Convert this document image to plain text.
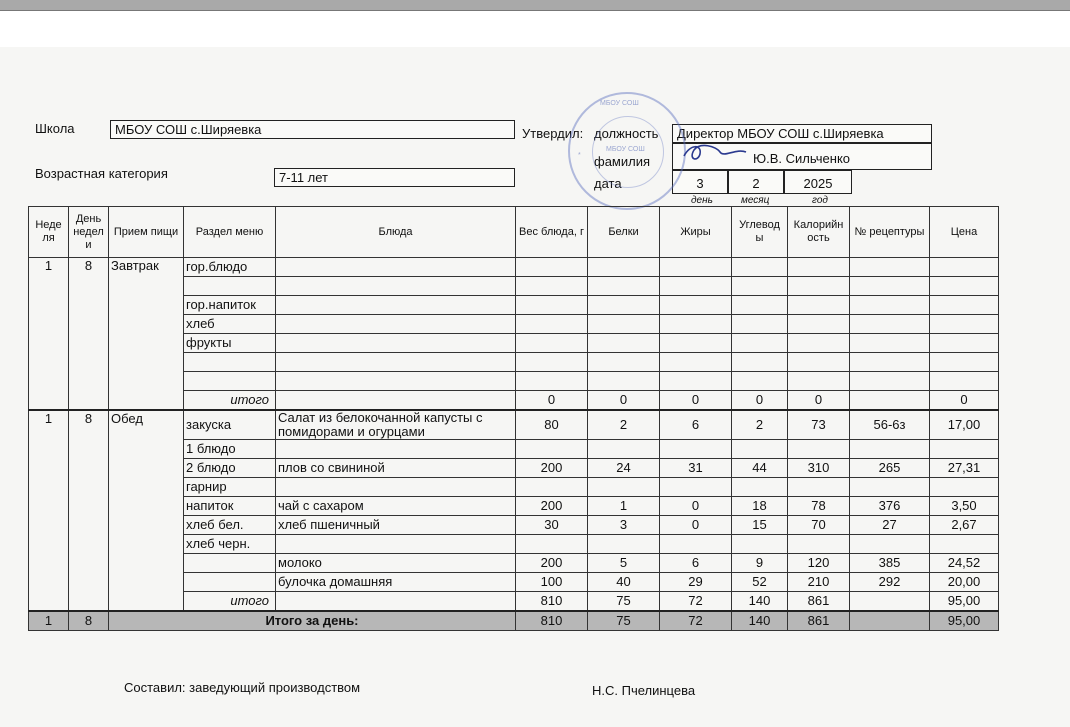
Школа	МБОУ СОШ с.Ширяевка
Возрастная категория	7-11 лет
Утвердил: должность	Директор МБОУ СОШ с.Ширяевка
фамилия	Ю.В. Сильченко
дата	3	2	2025
день	месяц	год
МБОУ СОШ
МБОУ СОШ
*
Неде ля	День недел и	Прием пищи	Раздел меню	Блюда	Вес блюда, г	Белки	Жиры	Углевод ы	Калорийн ость	№ рецептуры	Цена
1	8	Завтрак	гор.блюдо								

			гор.напиток								
			хлеб								
			фрукты								

			итого		0	0	0	0	0		0
1	8	Обед	закуска	Салат из белокочанной капусты с помидорами и огурцами	80	2	6	2	73	56-6з	17,00
			1 блюдо								
			2 блюдо	плов со свининой	200	24	31	44	310	265	27,31
			гарнир								
			напиток	чай с сахаром	200	1	0	18	78	376	3,50
			хлеб бел.	хлеб пшеничный	30	3	0	15	70	27	2,67
			хлеб черн.								
				молоко	200	5	6	9	120	385	24,52
				булочка домашняя	100	40	29	52	210	292	20,00
			итого		810	75	72	140	861		95,00
1	8	Итого за день:			810	75	72	140	861		95,00
Составил: заведующий производством	Н.С. Пчелинцева
